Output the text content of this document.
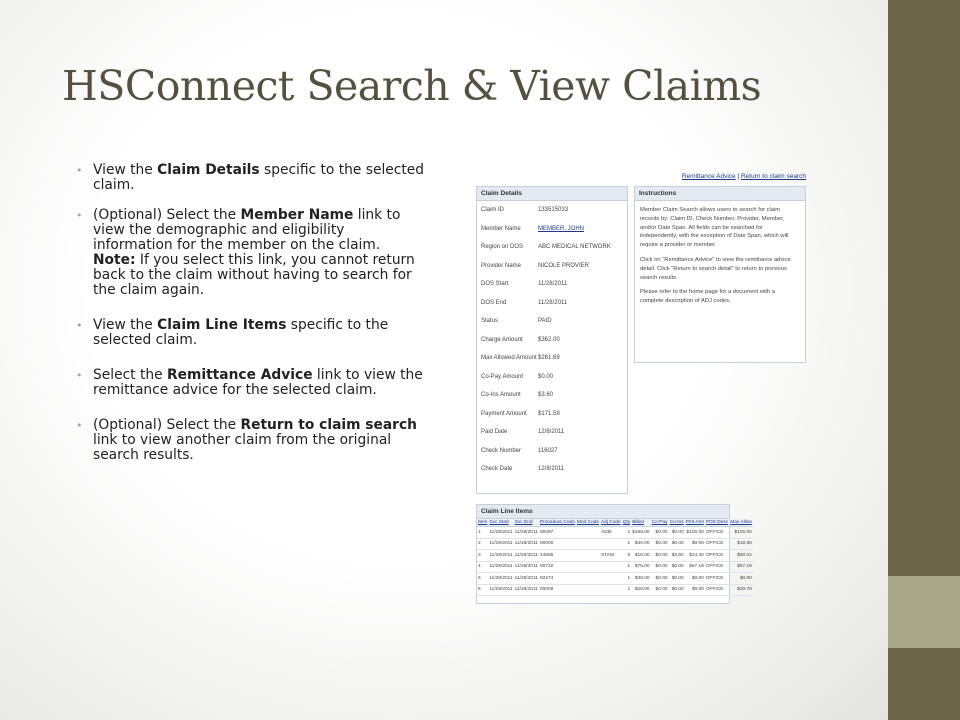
HSConnect Search & View Claims
• View the Claim Details specific to the selected claim.
• (Optional) Select the Member Name link to view the demographic and eligibility information for the member on the claim.
Note: If you select this link, you cannot return back to the claim without having to search for the claim again.
• View the Claim Line Items specific to the selected claim.
• Select the Remittance Advice link to view the remittance advice for the selected claim.
• (Optional) Select the Return to claim search link to view another claim from the original search results.
Remittance Advice | Return to claim search
Claim Details
Claim ID	133515033
Member Name	MEMBER, JOHN
Region on DOS ABC MEDICAL NETWORK
Provider Name	NICOLE PROVIER
DOS Start	11/28/2011
DOS End	11/28/2011
Status	PAID
Charge Amount	$362.00
Max Allowed Amount $261.69
Co-Pay Amount $0.00
Co-Ins Amount	$3.60
Payment Amount $171.59
Paid Date	12/8/2011
Check Number	116027
Check Date	12/8/2011
Instructions

Member Claim Search allows users to search for claim records by: Claim ID, Check Number, Provider, Member, and/or Date Span. All fields can be searched for independently, with the exception of Date Span, which will require a provider or member.

Click on "Remittance Advice" to view the remittance advice detail. Click "Return to search detail" to return to previous search results.

Please refer to the home page for a document with a complete description of ADJ codes.

Claim Line Items
Item	Svc Start	Svc End	Procedure Code	Mod Code	Adj Code	Qty	Billed	Co-Pay	Co-Ins	Pmt Amt	POS Desc	Max Allow
1	11/28/2011	11/28/2011	99397		ADM	1	$165.00	$0.00	$0.00	$100.00	OFFICE	$100.00
2	11/28/2011	11/28/2011	90000			1	$40.00	$0.00	$0.00	$0.00	OFFICE	$18.86
3	11/28/2011	11/28/2011	44556		STAM	6	$18.00	$0.00	$3.60	$14.40	OFFICE	$60.04
4	11/28/2011	11/28/2011	90732			1	$75.00	$0.00	$0.00	$57.19	OFFICE	$57.19
5	11/28/2011	11/28/2011	82274			1	$38.00	$0.00	$0.00	$0.00	OFFICE	$0.00
6	11/28/2011	11/28/2011	00009			1	$25.00	$0.00	$0.00	$0.00	OFFICE	$20.78
